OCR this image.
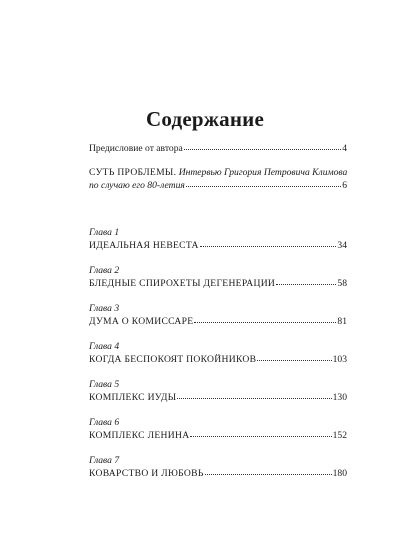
Содержание
Предисловие от автора	4
СУТЬ ПРОБЛЕМЫ. Интервью Григория Петровича Климова
по случаю его 80-летия	6
Глава 1
ИДЕАЛЬНАЯ НЕВЕСТА	34
Глава 2
БЛЕДНЫЕ СПИРОХЕТЫ ДЕГЕНЕРАЦИИ	58
Глава 3
ДУМА О КОМИССАРЕ	81
Глава 4
КОГДА БЕСПОКОЯТ ПОКОЙНИКОВ	103
Глава 5
КОМПЛЕКС ИУДЫ	130
Глава 6
КОМПЛЕКС ЛЕНИНА	152
Глава 7
КОВАРСТВО И ЛЮБОВЬ	180
